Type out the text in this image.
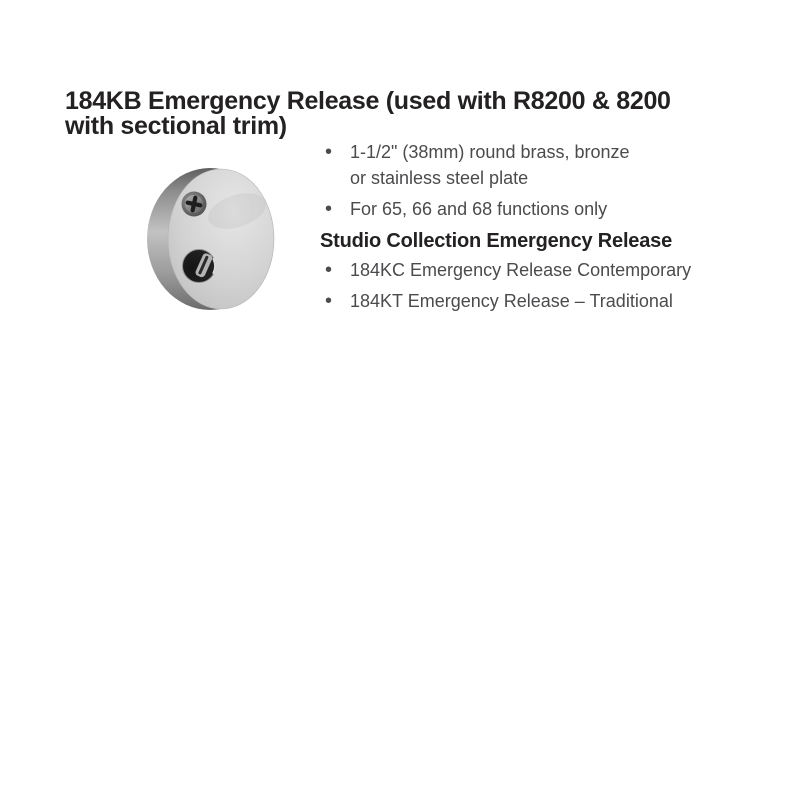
184KB Emergency Release (used with R8200 & 8200
with sectional trim)
• 1-1/2" (38mm) round brass, bronze
or stainless steel plate
• For 65, 66 and 68 functions only
Studio Collection Emergency Release
• 184KC Emergency Release Contemporary
• 184KT Emergency Release – Traditional
